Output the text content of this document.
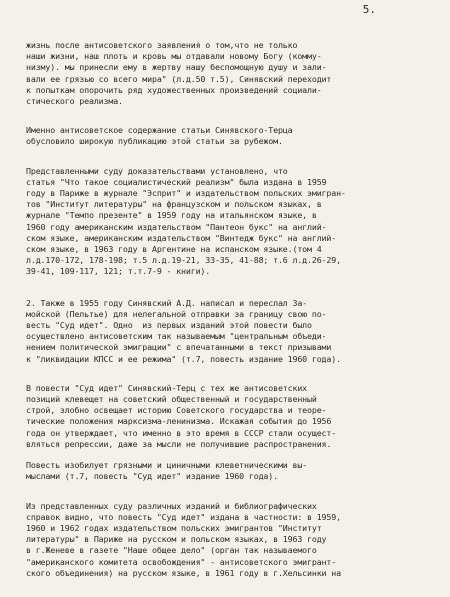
5.

жизнь после антисоветского заявления о том,что не только
наши жизни, наш плоть и кровь мы отдавали новому Богу (комму-
низму). мы принесли ему в жертву нашу беспомощную душу и зали-
вали ее грязью со всего мира" (л.д.50 т.5), Синявский переходит
к попыткам опорочить ряд художественных произведений социали-
стического реализма.

Именно антисоветское содержание статьи Синявского-Терца
обусловило широкую публикацию этой статьи за рубежом.

Представленными суду доказательствами установлено, что
статья "Что такое социалистический реализм" была издана в 1959
году в Париже в журнале "Эсприт" и издательством польских эмигран-
тов "Институт литературы" на французском и польском языках, в
журнале "Темпо презенте" в 1959 году на итальянском языке, в
1960 году американским издательством "Пантеон букс" на англий-
ском языке, американским издательством "Винтедж букс" на англий-
ском языке, в 1963 году в Аргентине на испанском языке.(том 4
л.д.170-172, 178-198; т.5 л.д.19-21, 33-35, 41-88; т.6 л.д.26-29,
39-41, 109-117, 121; т.т.7-9 - книги).

2. Также в 1955 году Синявский А.Д. написал и переслал За-
мойской (Пельтье) для нелегальной отправки за границу свою по-
весть "Суд идет". Одно  из первых изданий этой повести было
осуществлено антисоветским так называемым "центральным объеди-
нением политической эмиграции" с впечатанными в текст призывами
к "ликвидации КПСС и ее режима" (т.7, повесть издание 1960 года).

В повести "Суд идет" Синявский-Терц с тех же антисоветских
позиций клевещет на советский общественный и государственный
строй, злобно освещает историю Советского государства и теоре-
тические положения марксизма-ленинизма. Искажая события до 1956
года он утверждает, что именно в это время в СССР стали осущест-
вляться репрессии, даже за мысли не получившие распространения.

Повесть изобилует грязными и циничными клеветническими вы-
мыслами (т.7, повесть "Суд идет" издание 1960 года).

Из представленных суду различных изданий и библиографических
справок видно, что повесть "Суд идет" издана в частности: в 1959,
1960 и 1962 годах издательством польских эмигрантов "Институт
литературы" в Париже на русском и польском языках, в 1963 году
в г.Женеве в газете "Наше общее дело" (орган так называемого
"американского комитета освобождения" - антисоветского эмигрант-
ского объединения) на русском языке, в 1961 году в г.Хельсинки на
